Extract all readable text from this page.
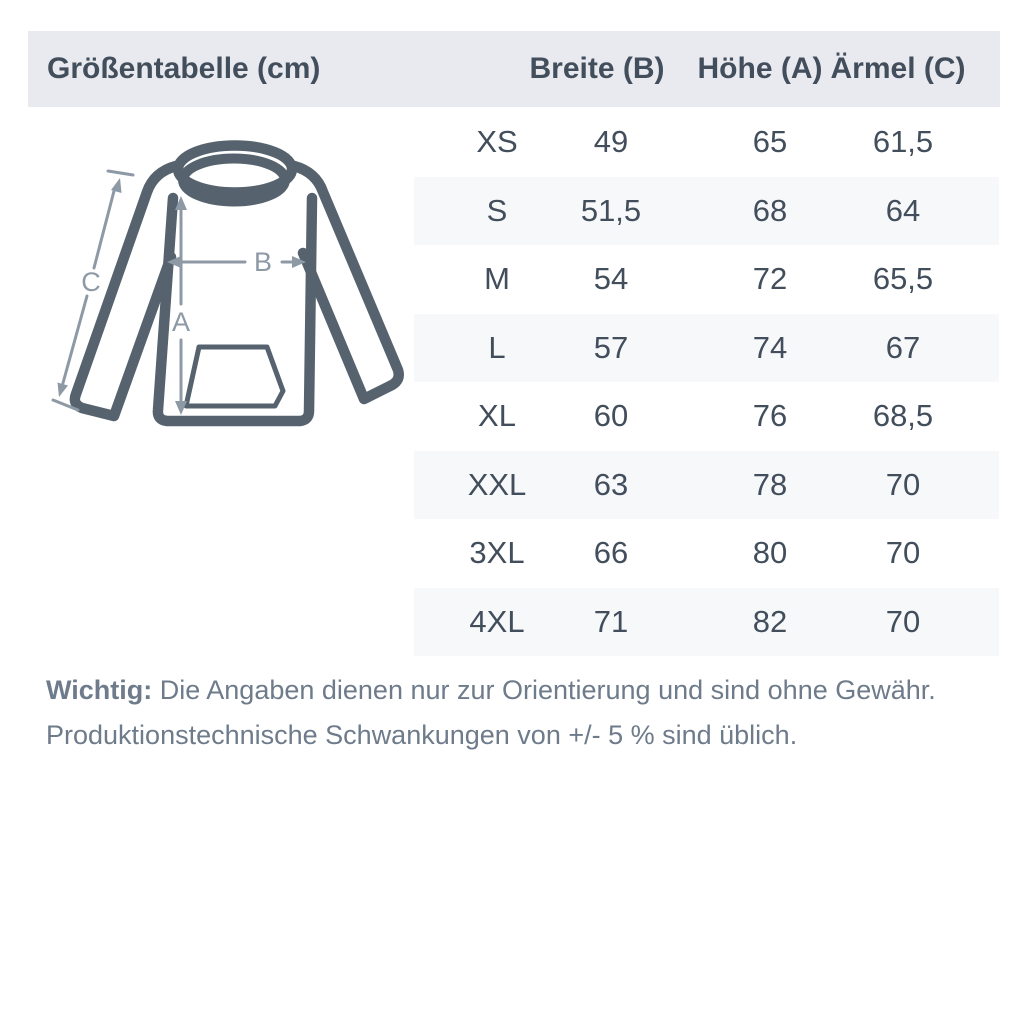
Größentabelle (cm)	Breite (B) Höhe (A) Ärmel (C)
A
B
C
XS 49	65	61,5
S 51,5	68	64
M	54	72	65,5
L	57	74	67
XL	60	76	68,5
XXL 63	78	70
3XL 66	80	70
4XL 71	82	70
Wichtig: Die Angaben dienen nur zur Orientierung und sind ohne Gewähr.
Produktionstechnische Schwankungen von +/- 5 % sind üblich.
